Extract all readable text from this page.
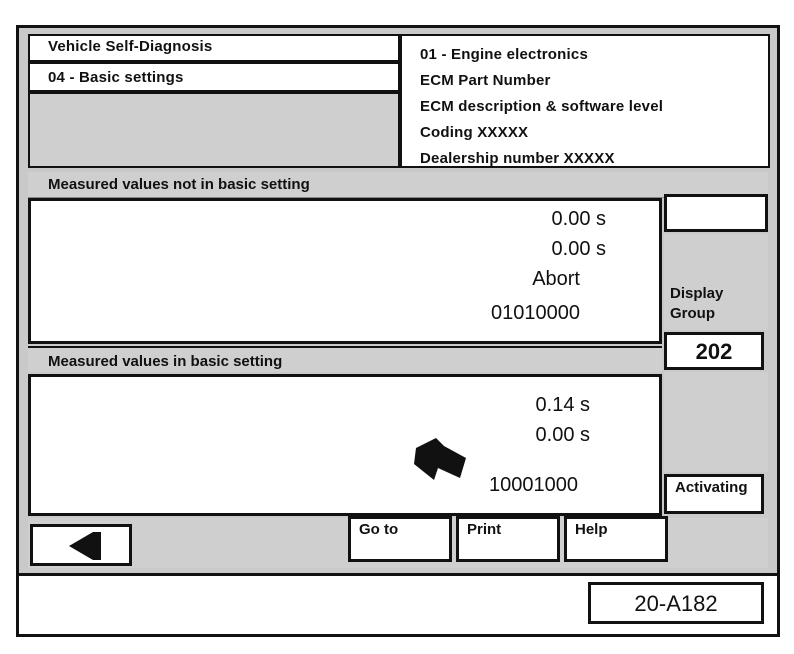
Vehicle Self-Diagnosis
04 - Basic settings
01 - Engine electronics
ECM Part Number
ECM description & software level
Coding XXXXX
Dealership number XXXXX
Measured values not in basic setting
0.00 s
0.00 s
Abort
01010000
Display Group
202
Measured values in basic setting
0.14 s
0.00 s
10001000	Activating
Go to	Print	Help
20-A182
